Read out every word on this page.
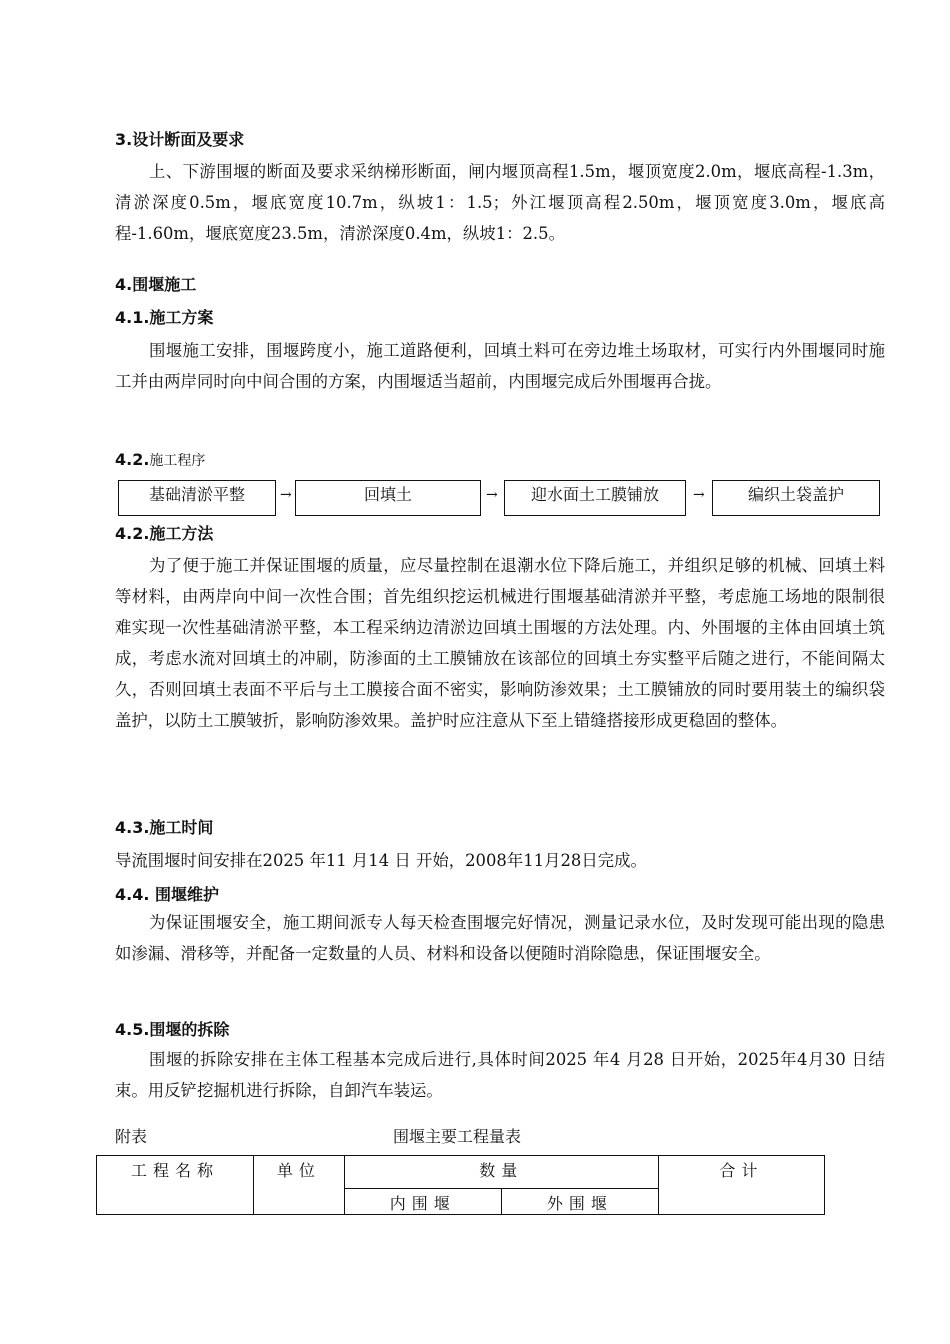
3.设计断面及要求

上、下游围堰的断面及要求采纳梯形断面，闸内堰顶高程1.5m，堰顶宽度2.0m，堰底高程-1.3m，清淤深度0.5m，堰底宽度10.7m，纵坡1：1.5；外江堰顶高程2.50m，堰顶宽度3.0m，堰底高程-1.60m，堰底宽度23.5m，清淤深度0.4m，纵坡1：2.5。

4.围堰施工
4.1.施工方案

围堰施工安排，围堰跨度小，施工道路便利，回填土料可在旁边堆土场取材，可实行内外围堰同时施工并由两岸同时向中间合围的方案，内围堰适当超前，内围堰完成后外围堰再合拢。

4.2.施工程序
基础清淤平整	→	回填土	→	迎水面土工膜铺放	→	编织土袋盖护
4.2.施工方法

为了便于施工并保证围堰的质量，应尽量控制在退潮水位下降后施工，并组织足够的机械、回填土料等材料，由两岸向中间一次性合围；首先组织挖运机械进行围堰基础清淤并平整，考虑施工场地的限制很难实现一次性基础清淤平整，本工程采纳边清淤边回填土围堰的方法处理。内、外围堰的主体由回填土筑成，考虑水流对回填土的冲刷，防渗面的土工膜铺放在该部位的回填土夯实整平后随之进行，不能间隔太久，否则回填土表面不平后与土工膜接合面不密实，影响防渗效果；土工膜铺放的同时要用装土的编织袋盖护，以防土工膜皱折，影响防渗效果。盖护时应注意从下至上错缝搭接形成更稳固的整体。

4.3.施工时间

导流围堰时间安排在2025 年11 月14 日 开始，2008年11月28日完成。

4.4. 围堰维护

为保证围堰安全，施工期间派专人每天检查围堰完好情况，测量记录水位，及时发现可能出现的隐患如渗漏、滑移等，并配备一定数量的人员、材料和设备以便随时消除隐患，保证围堰安全。

4.5.围堰的拆除

围堰的拆除安排在主体工程基本完成后进行,具体时间2025 年4 月28 日开始，2025年4月30 日结束。用反铲挖掘机进行拆除，自卸汽车装运。

附表	围堰主要工程量表
工程名称	单位	数量		合计
		内围堰	外围堰	
